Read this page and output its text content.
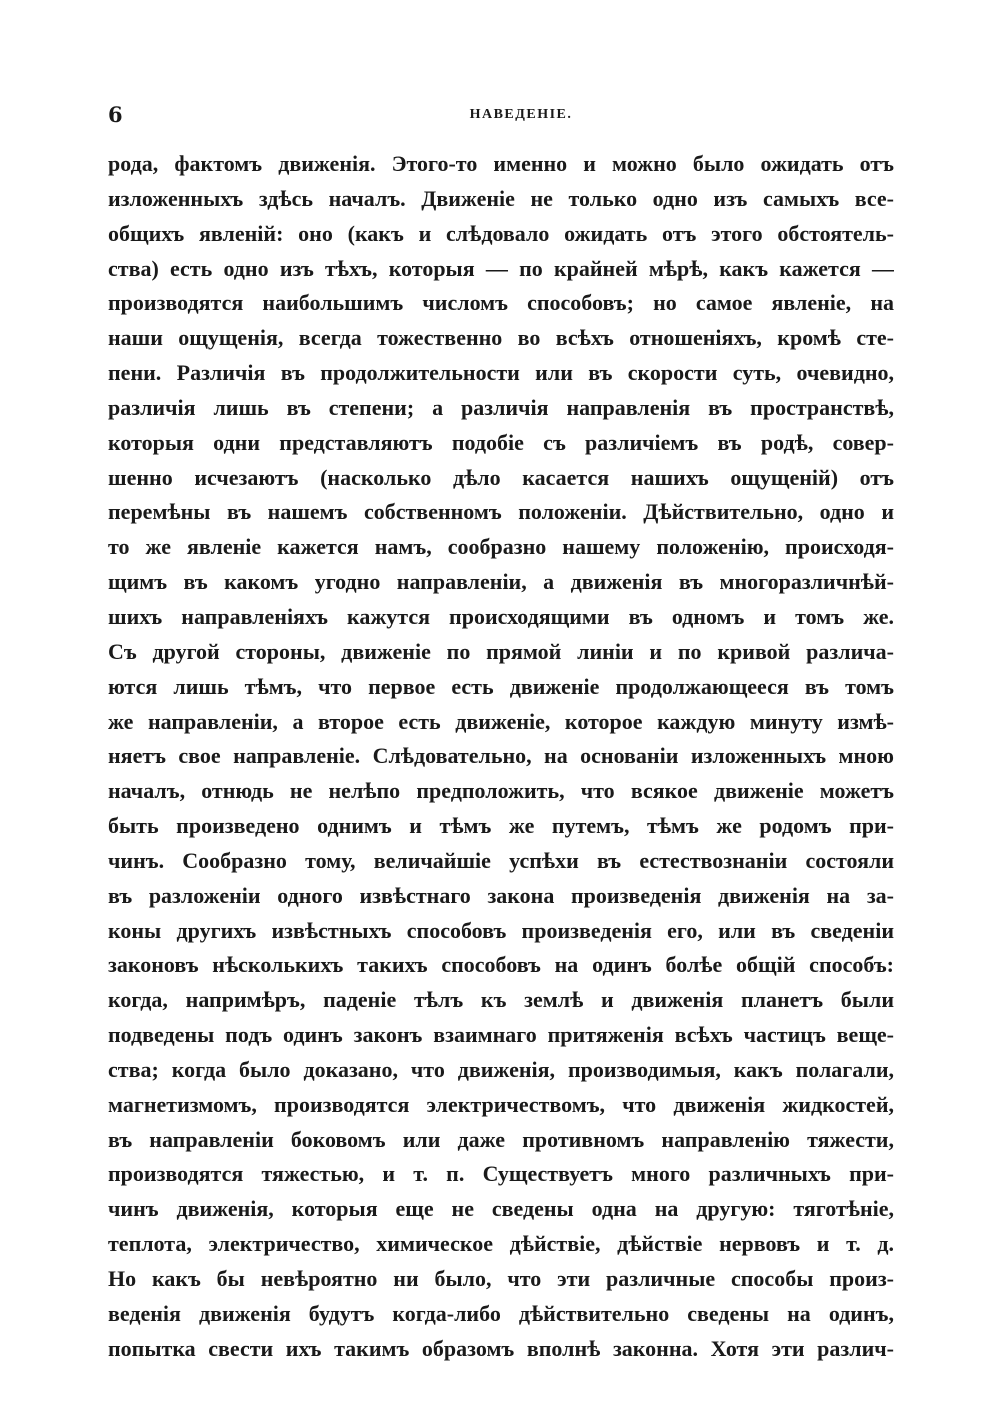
6	НАВЕДЕНІЕ.
рода, фактомъ движенія. Этого-то именно и можно было ожидать отъ
изложенныхъ здѣсь началъ. Движеніе не только одно изъ самыхъ все-
общихъ явленій: оно (какъ и слѣдовало ожидать отъ этого обстоятель-
ства) есть одно изъ тѣхъ, которыя — по крайней мѣрѣ, какъ кажется —
производятся наибольшимъ числомъ способовъ; но самое явленіе, на
наши ощущенія, всегда тожественно во всѣхъ отношеніяхъ, кромѣ сте-
пени. Различія въ продолжительности или въ скорости суть, очевидно,
различія лишь въ степени; а различія направленія въ пространствѣ,
которыя одни представляютъ подобіе съ различіемъ въ родѣ, совер-
шенно исчезаютъ (насколько дѣло касается нашихъ ощущеній) отъ
перемѣны въ нашемъ собственномъ положеніи. Дѣйствительно, одно и
то же явленіе кажется намъ, сообразно нашему положенію, происходя-
щимъ въ какомъ угодно направленіи, а движенія въ многоразличнѣй-
шихъ направленіяхъ кажутся происходящими въ одномъ и томъ же.
Съ другой стороны, движеніе по прямой линіи и по кривой различа-
ются лишь тѣмъ, что первое есть движеніе продолжающееся въ томъ
же направленіи, а второе есть движеніе, которое каждую минуту измѣ-
няетъ свое направленіе. Слѣдовательно, на основаніи изложенныхъ мною
началъ, отнюдь не нелѣпо предположить, что всякое движеніе можетъ
быть произведено однимъ и тѣмъ же путемъ, тѣмъ же родомъ при-
чинъ. Сообразно тому, величайшіе успѣхи въ естествознаніи состояли
въ разложеніи одного извѣстнаго закона произведенія движенія на за-
коны другихъ извѣстныхъ способовъ произведенія его, или въ сведеніи
законовъ нѣсколькихъ такихъ способовъ на одинъ болѣе общій способъ:
когда, напримѣръ, паденіе тѣлъ къ землѣ и движенія планетъ были
подведены подъ одинъ законъ взаимнаго притяженія всѣхъ частицъ веще-
ства; когда было доказано, что движенія, производимыя, какъ полагали,
магнетизмомъ, производятся электричествомъ, что движенія жидкостей,
въ направленіи боковомъ или даже противномъ направленію тяжести,
производятся тяжестью, и т. п. Существуетъ много различныхъ при-
чинъ движенія, которыя еще не сведены одна на другую: тяготѣніе,
теплота, электричество, химическое дѣйствіе, дѣйствіе нервовъ и т. д.
Но какъ бы невѣроятно ни было, что эти различные способы произ-
веденія движенія будутъ когда-либо дѣйствительно сведены на одинъ,
попытка свести ихъ такимъ образомъ вполнѣ законна. Хотя эти различ-
